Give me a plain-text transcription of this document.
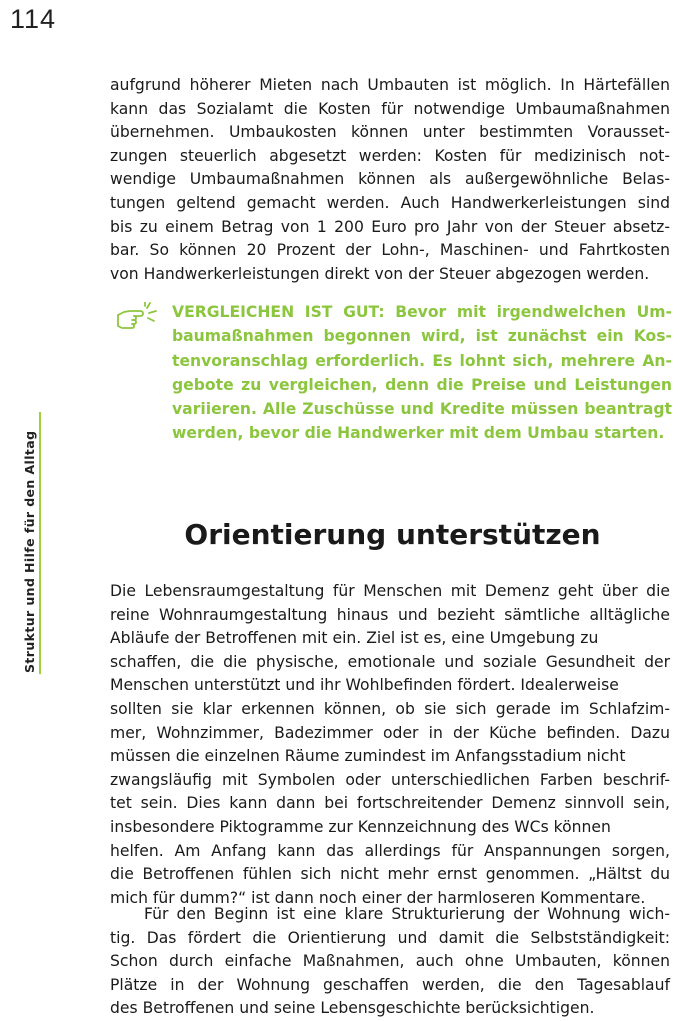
114
Struktur und Hilfe für den Alltag
aufgrund höherer Mieten nach Umbauten ist möglich. In Härtefällen
kann das Sozialamt die Kosten für notwendige Umbaumaßnahmen
übernehmen. Umbaukosten können unter bestimmten Vorausset-
zungen steuerlich abgesetzt werden: Kosten für medizinisch not-
wendige Umbaumaßnahmen können als außergewöhnliche Belas-
tungen geltend gemacht werden. Auch Handwerkerleistungen sind
bis zu einem Betrag von 1 200 Euro pro Jahr von der Steuer absetz-
bar. So können 20 Prozent der Lohn-, Maschinen- und Fahrtkosten
von Handwerkerleistungen direkt von der Steuer abgezogen werden.
VERGLEICHEN IST GUT: Bevor mit irgendwelchen Um-
baumaßnahmen begonnen wird, ist zunächst ein Kos-
tenvoranschlag erforderlich. Es lohnt sich, mehrere An-
gebote zu vergleichen, denn die Preise und Leistungen
variieren. Alle Zuschüsse und Kredite müssen beantragt
werden, bevor die Handwerker mit dem Umbau starten.
Orientierung unterstützen
Die Lebensraumgestaltung für Menschen mit Demenz geht über die
reine Wohnraumgestaltung hinaus und bezieht sämtliche alltägliche
Abläufe der Betroffenen mit ein. Ziel ist es, eine Umgebung zu
schaffen, die die physische, emotionale und soziale Gesundheit der
Menschen unterstützt und ihr Wohlbefinden fördert. Idealerweise
sollten sie klar erkennen können, ob sie sich gerade im Schlafzim-
mer, Wohnzimmer, Badezimmer oder in der Küche befinden. Dazu
müssen die einzelnen Räume zumindest im Anfangsstadium nicht
zwangsläufig mit Symbolen oder unterschiedlichen Farben beschrif-
tet sein. Dies kann dann bei fortschreitender Demenz sinnvoll sein,
insbesondere Piktogramme zur Kennzeichnung des WCs können
helfen. Am Anfang kann das allerdings für Anspannungen sorgen,
die Betroffenen fühlen sich nicht mehr ernst genommen. „Hältst du
mich für dumm?“ ist dann noch einer der harmloseren Kommentare.
Für den Beginn ist eine klare Strukturierung der Wohnung wich-
tig. Das fördert die Orientierung und damit die Selbstständigkeit:
Schon durch einfache Maßnahmen, auch ohne Umbauten, können
Plätze in der Wohnung geschaffen werden, die den Tagesablauf
des Betroffenen und seine Lebensgeschichte berücksichtigen.
